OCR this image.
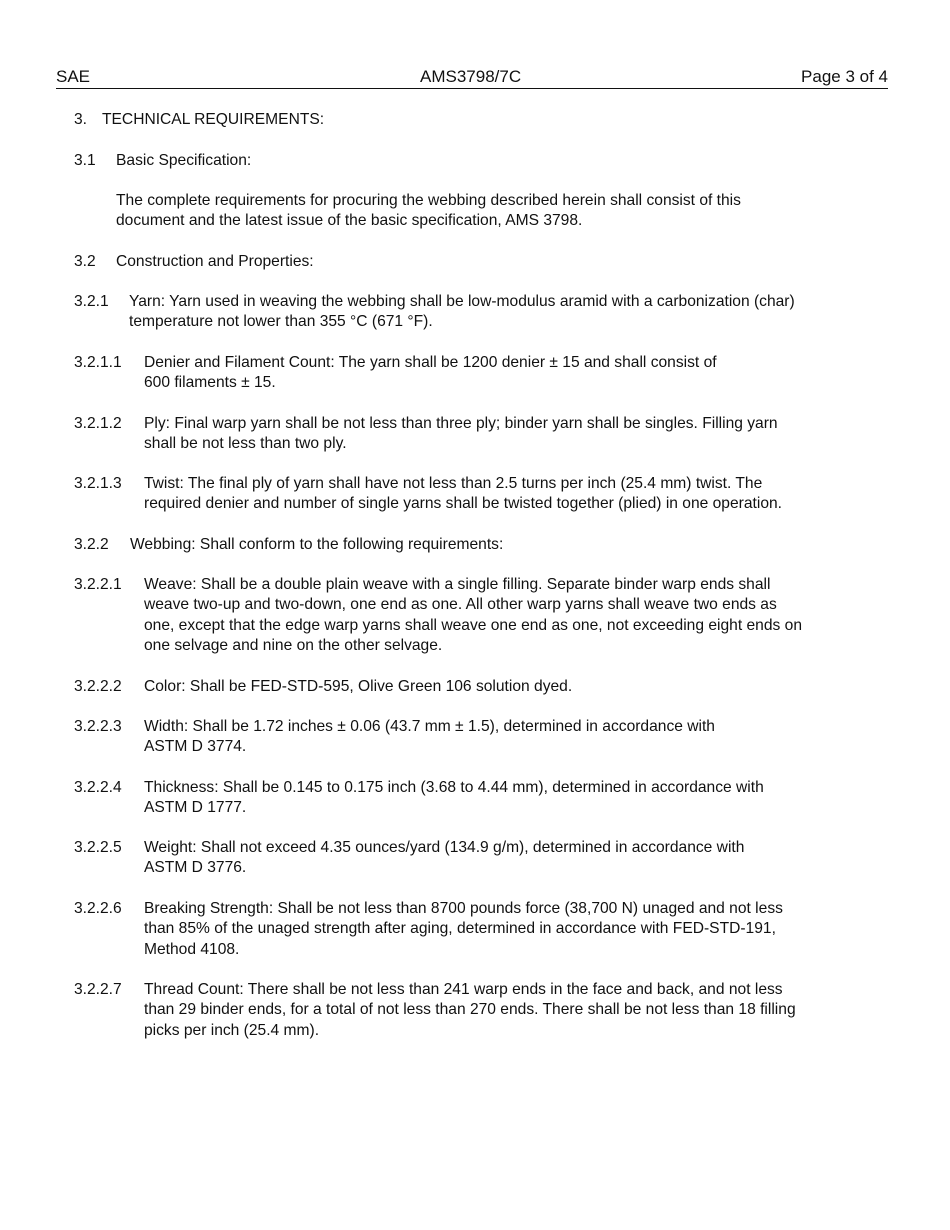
SAE	AMS3798/7C	Page 3 of 4
3. TECHNICAL REQUIREMENTS:
3.1 Basic Specification:
The complete requirements for procuring the webbing described herein shall consist of this
document and the latest issue of the basic specification, AMS 3798.
3.2 Construction and Properties:
3.2.1 Yarn: Yarn used in weaving the webbing shall be low-modulus aramid with a carbonization (char)
temperature not lower than 355 °C (671 °F).
3.2.1.1 Denier and Filament Count: The yarn shall be 1200 denier ± 15 and shall consist of
600 filaments ± 15.
3.2.1.2 Ply: Final warp yarn shall be not less than three ply; binder yarn shall be singles. Filling yarn
shall be not less than two ply.
3.2.1.3 Twist: The final ply of yarn shall have not less than 2.5 turns per inch (25.4 mm) twist. The
required denier and number of single yarns shall be twisted together (plied) in one operation.
3.2.2 Webbing: Shall conform to the following requirements:
3.2.2.1 Weave: Shall be a double plain weave with a single filling. Separate binder warp ends shall
weave two-up and two-down, one end as one. All other warp yarns shall weave two ends as
one, except that the edge warp yarns shall weave one end as one, not exceeding eight ends on
one selvage and nine on the other selvage.
3.2.2.2 Color: Shall be FED-STD-595, Olive Green 106 solution dyed.
3.2.2.3 Width: Shall be 1.72 inches ± 0.06 (43.7 mm ± 1.5), determined in accordance with
ASTM D 3774.
3.2.2.4 Thickness: Shall be 0.145 to 0.175 inch (3.68 to 4.44 mm), determined in accordance with
ASTM D 1777.
3.2.2.5 Weight: Shall not exceed 4.35 ounces/yard (134.9 g/m), determined in accordance with
ASTM D 3776.
3.2.2.6 Breaking Strength: Shall be not less than 8700 pounds force (38,700 N) unaged and not less
than 85% of the unaged strength after aging, determined in accordance with FED-STD-191,
Method 4108.
3.2.2.7 Thread Count: There shall be not less than 241 warp ends in the face and back, and not less
than 29 binder ends, for a total of not less than 270 ends. There shall be not less than 18 filling
picks per inch (25.4 mm).
